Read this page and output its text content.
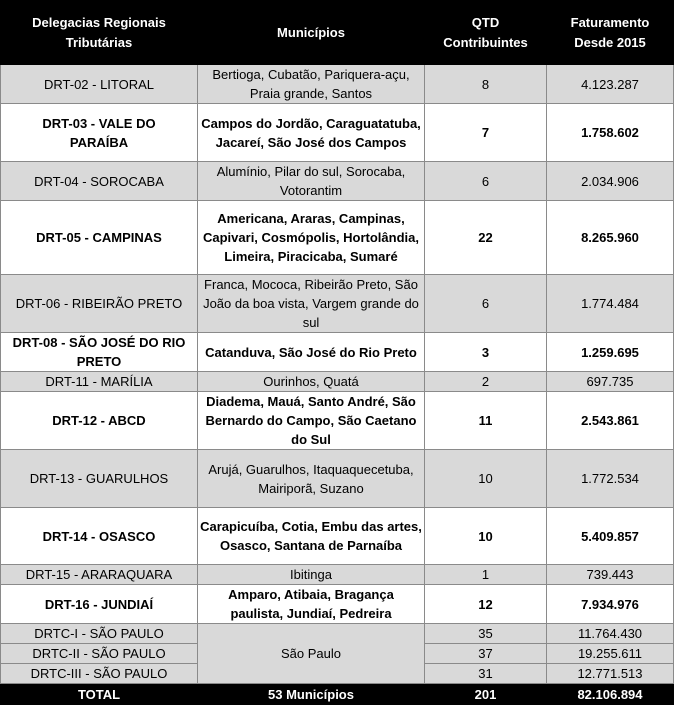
Delegacias Regionais Tributárias	Municípios	QTD Contribuintes	Faturamento Desde 2015
DRT-02 - LITORAL	Bertioga, Cubatão, Pariquera-açu, Praia grande, Santos	8	4.123.287
DRT-03 - VALE DO PARAÍBA	Campos do Jordão, Caraguatatuba, Jacareí, São José dos Campos	7	1.758.602
DRT-04 - SOROCABA	Alumínio, Pilar do sul, Sorocaba, Votorantim	6	2.034.906
DRT-05 - CAMPINAS	Americana, Araras, Campinas, Capivari, Cosmópolis, Hortolândia, Limeira, Piracicaba, Sumaré	22	8.265.960
DRT-06 - RIBEIRÃO PRETO	Franca, Mococa, Ribeirão Preto, São João da boa vista, Vargem grande do sul	6	1.774.484
DRT-08 - SÃO JOSÉ DO RIO PRETO	Catanduva, São José do Rio Preto	3	1.259.695
DRT-11 - MARÍLIA	Ourinhos, Quatá	2	697.735
DRT-12 - ABCD	Diadema, Mauá, Santo André, São Bernardo do Campo, São Caetano do Sul	11	2.543.861
DRT-13 - GUARULHOS	Arujá, Guarulhos, Itaquaquecetuba, Mairiporã, Suzano	10	1.772.534
DRT-14 - OSASCO	Carapicuíba, Cotia, Embu das artes, Osasco, Santana de Parnaíba	10	5.409.857
DRT-15 - ARARAQUARA	Ibitinga	1	739.443
DRT-16 - JUNDIAÍ	Amparo, Atibaia, Bragança paulista, Jundiaí, Pedreira	12	7.934.976
DRTC-I - SÃO PAULO	São Paulo	35	11.764.430
DRTC-II - SÃO PAULO		37	19.255.611
DRTC-III - SÃO PAULO		31	12.771.513
TOTAL	53 Municípios	201	82.106.894
